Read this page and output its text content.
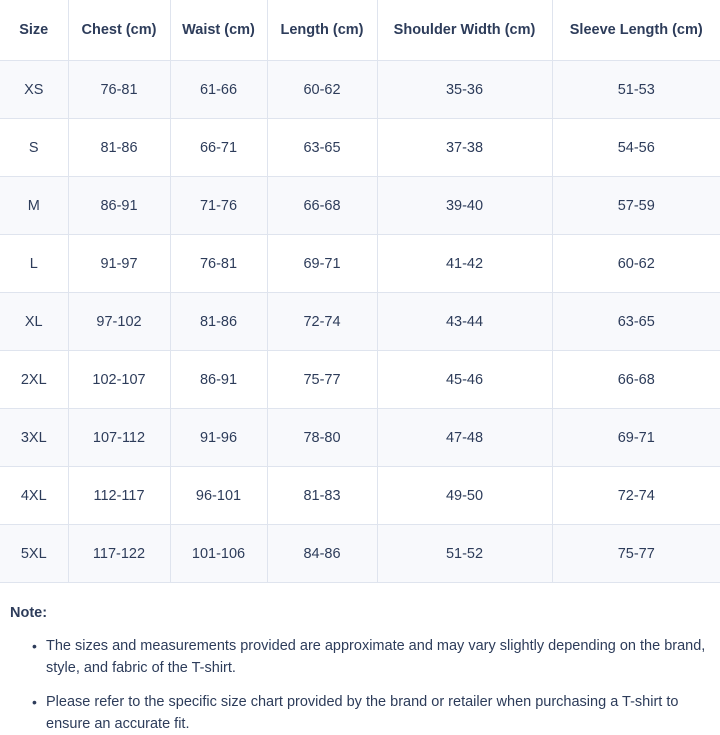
Size	Chest (cm)	Waist (cm)	Length (cm)	Shoulder Width (cm)	Sleeve Length (cm)
XS	76-81	61-66	60-62	35-36	51-53
S	81-86	66-71	63-65	37-38	54-56
M	86-91	71-76	66-68	39-40	57-59
L	91-97	76-81	69-71	41-42	60-62
XL	97-102	81-86	72-74	43-44	63-65
2XL	102-107	86-91	75-77	45-46	66-68
3XL	107-112	91-96	78-80	47-48	69-71
4XL	112-117	96-101	81-83	49-50	72-74
5XL	117-122	101-106	84-86	51-52	75-77

Note:

• The sizes and measurements provided are approximate and may vary slightly depending on the brand, style, and fabric of the T-shirt.
• Please refer to the specific size chart provided by the brand or retailer when purchasing a T-shirt to ensure an accurate fit.
